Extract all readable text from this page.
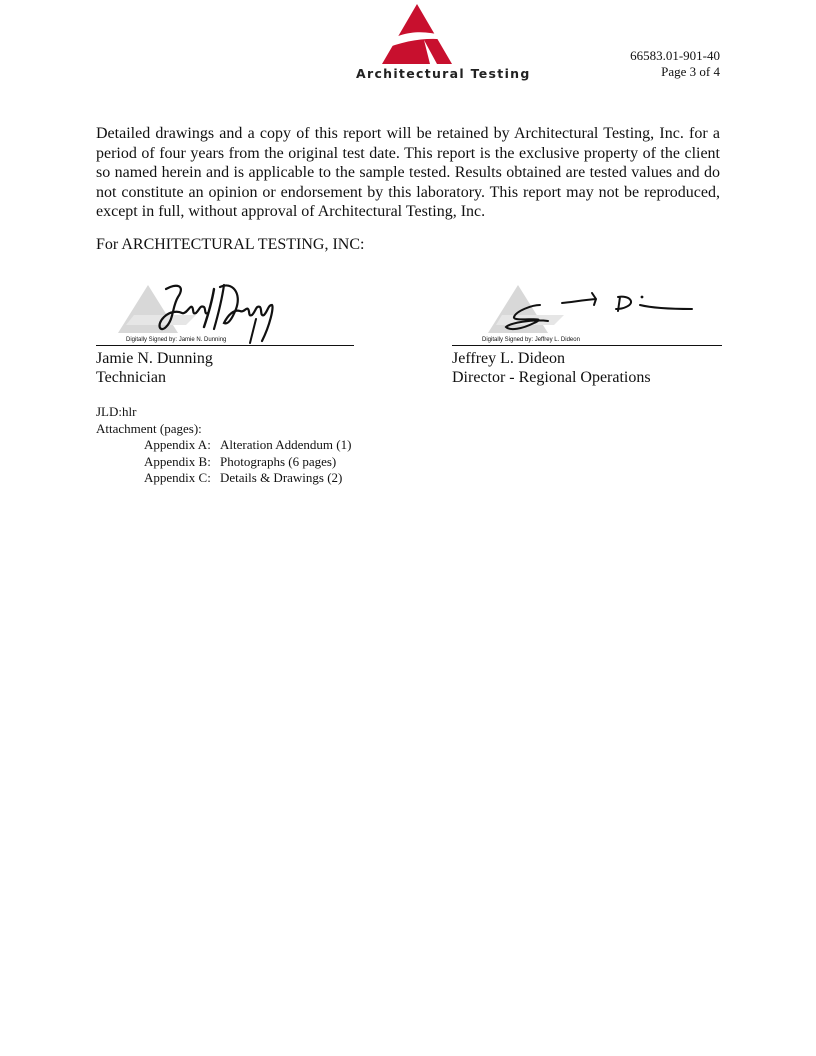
Architectural Testing
66583.01-901-40
Page 3 of 4

Detailed drawings and a copy of this report will be retained by Architectural Testing, Inc. for a period of four years from the original test date. This report is the exclusive property of the client so named herein and is applicable to the sample tested. Results obtained are tested values and do not constitute an opinion or endorsement by this laboratory. This report may not be reproduced, except in full, without approval of Architectural Testing, Inc.

For ARCHITECTURAL TESTING, INC:
Digitally Signed by: Jamie N. Dunning
Jamie N. Dunning
Technician
Digitally Signed by: Jeffrey L. Dideon
Jeffrey L. Dideon
Director - Regional Operations
JLD:hlr
Attachment (pages):
Appendix A: Alteration Addendum (1)
Appendix B: Photographs (6 pages)
Appendix C: Details & Drawings (2)
